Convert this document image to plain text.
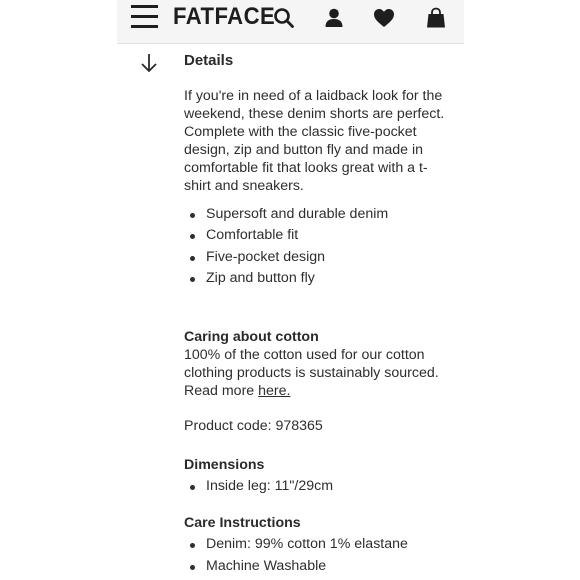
FATFACE
Details

If you're in need of a laidback look for the weekend, these denim shorts are perfect. Complete with the classic five-pocket design, zip and button fly and made in comfortable fit that looks great with a t-shirt and sneakers.

Supersoft and durable denim
Comfortable fit
Five-pocket design
Zip and button fly
Caring about cotton

100% of the cotton used for our cotton clothing products is sustainably sourced. Read more here.

Product code: 978365

Dimensions
Inside leg: 11"/29cm
Care Instructions
Denim: 99% cotton 1% elastane
Machine Washable
